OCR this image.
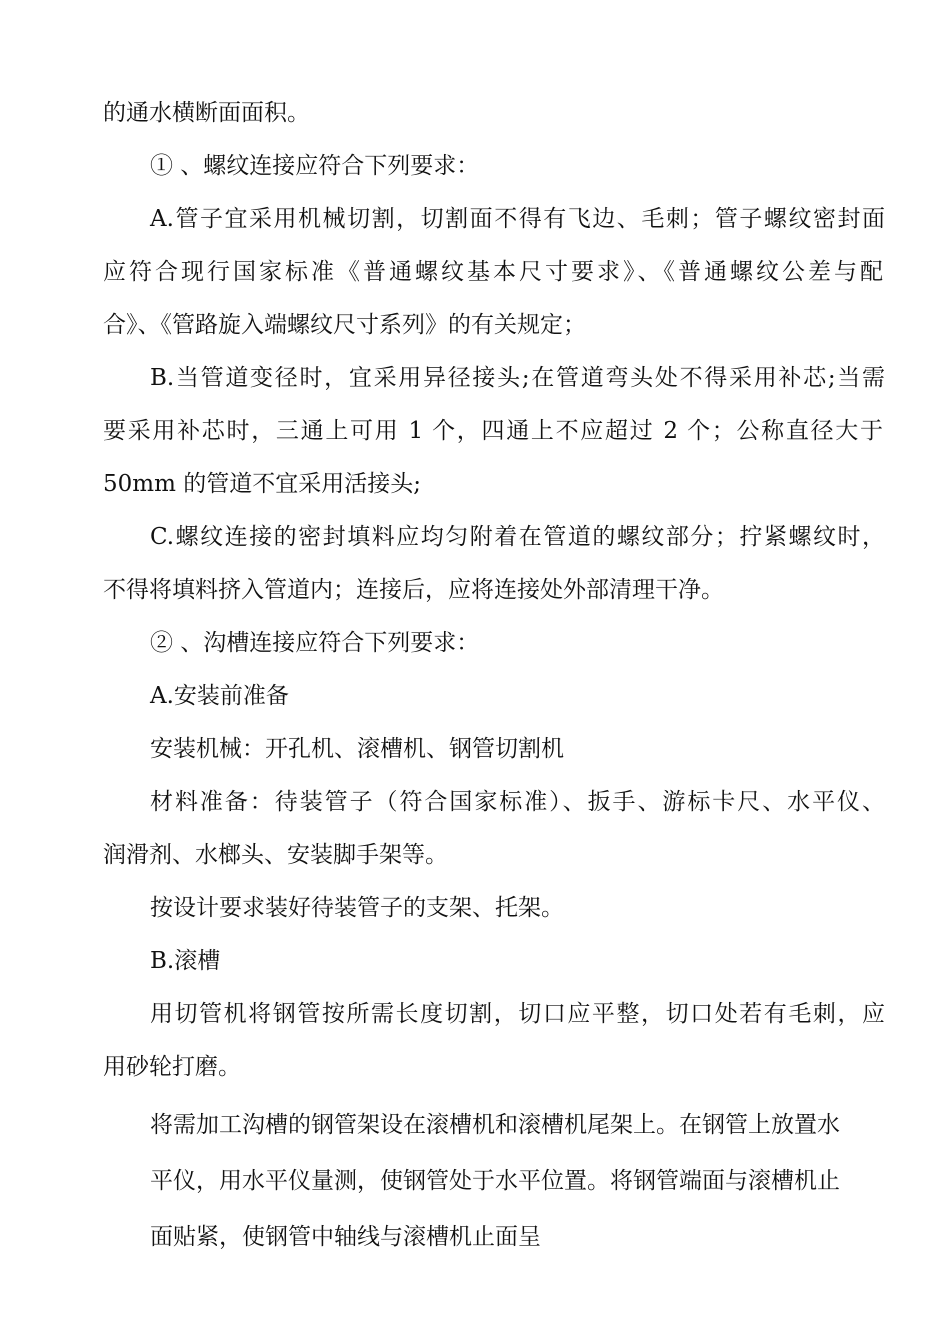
的通水横断面面积。
① 、螺纹连接应符合下列要求：
A.管子宜采用机械切割，切割面不得有飞边、毛刺；管子螺纹密封面
应符合现行国家标准《普通螺纹基本尺寸要求》、《普通螺纹公差与配
合》、《管路旋入端螺纹尺寸系列》的有关规定；
B.当管道变径时，宜采用异径接头;在管道弯头处不得采用补芯;当需
要采用补芯时，三通上可用 1 个，四通上不应超过 2 个；公称直径大于
50mm 的管道不宜采用活接头;
C.螺纹连接的密封填料应均匀附着在管道的螺纹部分；拧紧螺纹时，
不得将填料挤入管道内；连接后，应将连接处外部清理干净。
② 、沟槽连接应符合下列要求：
A.安装前准备
安装机械：开孔机、滚槽机、钢管切割机
材料准备：待装管子（符合国家标准）、扳手、游标卡尺、水平仪、
润滑剂、水榔头、安装脚手架等。
按设计要求装好待装管子的支架、托架。
B.滚槽
用切管机将钢管按所需长度切割，切口应平整，切口处若有毛刺，应
用砂轮打磨。
将需加工沟槽的钢管架设在滚槽机和滚槽机尾架上。在钢管上放置水
平仪，用水平仪量测，使钢管处于水平位置。将钢管端面与滚槽机止
面贴紧，使钢管中轴线与滚槽机止面呈
